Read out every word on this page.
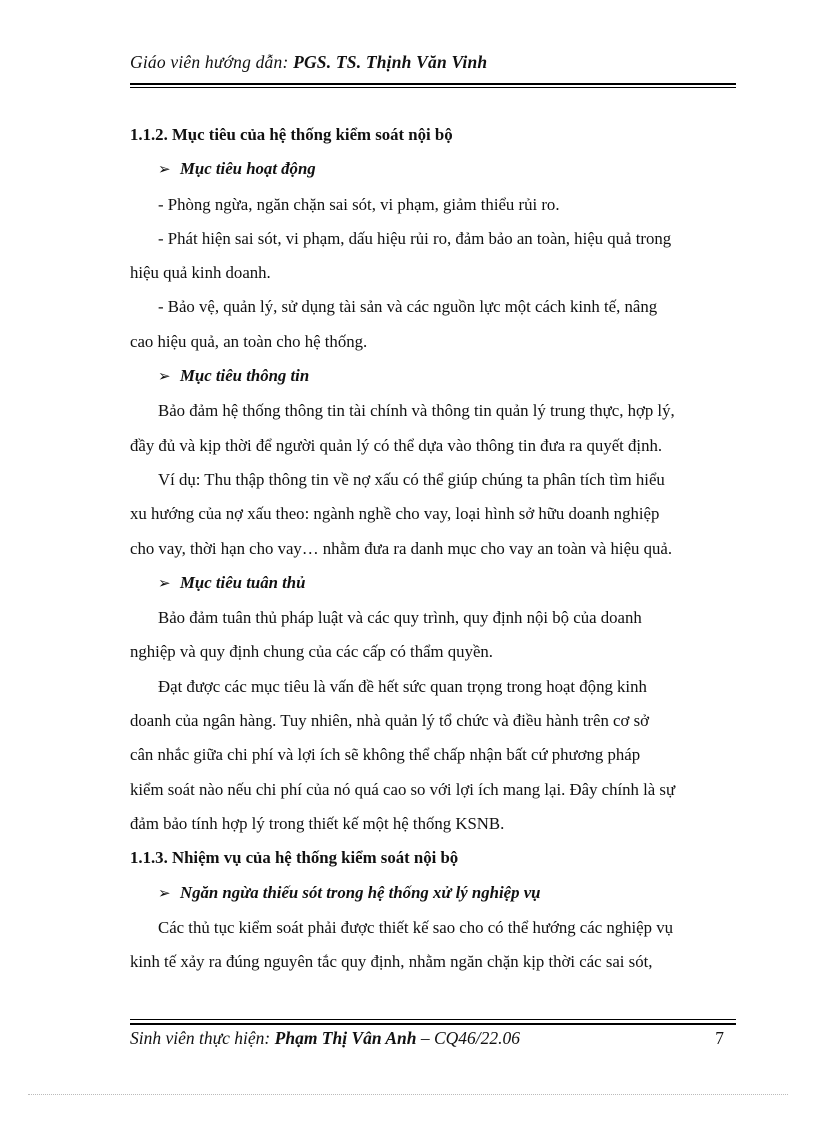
Giáo viên hướng dẫn: PGS. TS. Thịnh Văn Vinh

1.1.2. Mục tiêu của hệ thống kiểm soát nội bộ

➢ Mục tiêu hoạt động

- Phòng ngừa, ngăn chặn sai sót, vi phạm, giảm thiểu rủi ro.

- Phát hiện sai sót, vi phạm, dấu hiệu rủi ro, đảm bảo an toàn, hiệu quả trong

hiệu quả kinh doanh.

- Bảo vệ, quản lý, sử dụng tài sản và các nguồn lực một cách kinh tế, nâng

cao hiệu quả, an toàn cho hệ thống.

➢ Mục tiêu thông tin

Bảo đảm hệ thống thông tin tài chính và thông tin quản lý trung thực, hợp lý,

đầy đủ và kịp thời để người quản lý có thể dựa vào thông tin đưa ra quyết định.

Ví dụ: Thu thập thông tin về nợ xấu có thể giúp chúng ta phân tích tìm hiểu

xu hướng của nợ xấu theo: ngành nghề cho vay, loại hình sở hữu doanh nghiệp

cho vay, thời hạn cho vay… nhằm đưa ra danh mục cho vay an toàn và hiệu quả.

➢ Mục tiêu tuân thủ

Bảo đảm tuân thủ pháp luật và các quy trình, quy định nội bộ của doanh

nghiệp và quy định chung của các cấp có thẩm quyền.

Đạt được các mục tiêu là vấn đề hết sức quan trọng trong hoạt động kinh

doanh của ngân hàng. Tuy nhiên, nhà quản lý tổ chức và điều hành trên cơ sở

cân nhắc giữa chi phí và lợi ích sẽ không thể chấp nhận bất cứ phương pháp

kiểm soát nào nếu chi phí của nó quá cao so với lợi ích mang lại. Đây chính là sự

đảm bảo tính hợp lý trong thiết kế một hệ thống KSNB.

1.1.3. Nhiệm vụ của hệ thống kiểm soát nội bộ

➢ Ngăn ngừa thiếu sót trong hệ thống xử lý nghiệp vụ

Các thủ tục kiểm soát phải được thiết kế sao cho có thể hướng các nghiệp vụ

kinh tế xảy ra đúng nguyên tắc quy định, nhằm ngăn chặn kịp thời các sai sót,

Sinh viên thực hiện: Phạm Thị Vân Anh – CQ46/22.06	7
